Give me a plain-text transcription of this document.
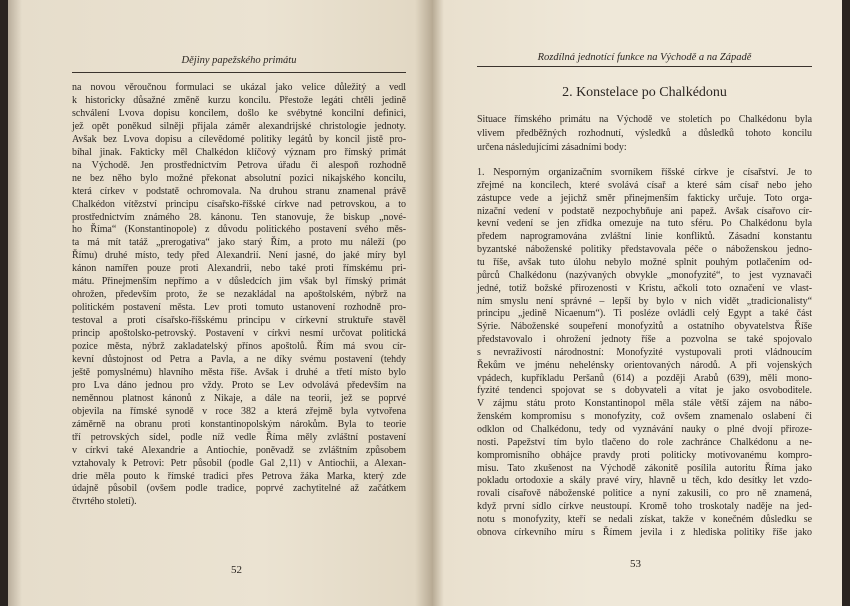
Dějiny papežského primátu
na novou věroučnou formulaci se ukázal jako velice důležitý a vedl
k historicky důsažné změně kurzu koncilu. Přestože legáti chtěli jedině
schválení Lvova dopisu koncilem, došlo ke svébytné koncilní definici,
jež opět poněkud silněji přijala záměr alexandrijské christologie jednoty.
Avšak bez Lvova dopisu a cílevědomé politiky legátů by koncil jistě pro-
bíhal jinak. Fakticky měl Chalkédon klíčový význam pro římský primát
na Východě. Jen prostřednictvím Petrova úřadu či alespoň rozhodně
ne bez něho bylo možné překonat absolutní pozici nikajského koncilu,
která církev v podstatě ochromovala. Na druhou stranu znamenal právě
Chalkédon vítězství principu císařsko-říšské církve nad petrovskou, a to
prostřednictvím známého 28. kánonu. Ten stanovuje, že biskup „nové-
ho Říma“ (Konstantinopole) z důvodu politického postavení svého měs-
ta má mít tatáž „prerogativa“ jako starý Řím, a proto mu náleží (po
Římu) druhé místo, tedy před Alexandrií. Není jasné, do jaké míry byl
kánon namířen pouze proti Alexandrii, nebo také proti římskému pri-
mátu. Přinejmenším nepřímo a v důsledcích jim však byl římský primát
ohrožen, především proto, že se nezakládal na apoštolském, nýbrž na
politickém postavení města. Lev proti tomuto ustanovení rozhodně pro-
testoval a proti císařsko-říšskému principu v církevní struktuře stavěl
princip apoštolsko-petrovský. Postavení v církvi nesmí určovat politická
pozice města, nýbrž zakladatelský přínos apoštolů. Řím má svou cír-
kevní důstojnost od Petra a Pavla, a ne díky svému postavení (tehdy
ještě pomyslnému) hlavního města říše. Avšak i druhé a třetí místo bylo
pro Lva dáno jednou pro vždy. Proto se Lev odvolává především na
neměnnou platnost kánonů z Nikaje, a dále na teorii, jež se poprvé
objevila na římské synodě v roce 382 a která zřejmě byla vytvořena
záměrně na obranu proti konstantinopolským nárokům. Byla to teorie
tří petrovských sídel, podle níž vedle Říma měly zvláštní postavení
v církvi také Alexandrie a Antiochie, poněvadž se zvláštním způsobem
vztahovaly k Petrovi: Petr působil (podle Gal 2,11) v Antiochii, a Alexan-
drie měla pouto k římské tradici přes Petrova žáka Marka, který zde
údajně působil (ovšem podle tradice, poprvé zachytitelné až začátkem
čtvrtého století).
52
Rozdílná jednotící funkce na Východě a na Západě
2. Konstelace po Chalkédonu
Situace římského primátu na Východě ve stoletích po Chalkédonu byla
vlivem předběžných rozhodnutí, výsledků a důsledků tohoto koncilu
určena následujícími zásadními body:
1. Nesporným organizačním svorníkem říšské církve je císařství. Je to
zřejmé na koncilech, které svolává císař a které sám císař nebo jeho
zástupce vede a jejichž směr přinejmenším fakticky určuje. Toto orga-
nizační vedení v podstatě nezpochybňuje ani papež. Avšak císařovo cír-
kevní vedení se jen zřídka omezuje na tuto sféru. Po Chalkédonu byla
předem naprogramována zvláštní linie konfliktů. Zásadní konstantu
byzantské náboženské politiky představovala péče o náboženskou jedno-
tu říše, avšak tuto úlohu nebylo možné splnit pouhým potlačením od-
půrců Chalkédonu (nazývaných obvykle „monofyzité“, to jest vyznavači
jedné, totiž božské přirozenosti v Kristu, ačkoli toto označení ve vlast-
ním smyslu není správné – lepší by bylo v nich vidět „tradicionalisty“
principu „jedině Nicaenum“). Ti posléze ovládli celý Egypt a také část
Sýrie. Náboženské soupeření monofyzitů a ostatního obyvatelstva Říše
představovalo i ohrožení jednoty říše a pozvolna se také spojovalo
s nevraživostí národnostní: Monofyzité vystupovali proti vládnoucím
Řekům ve jménu nehelénsky orientovaných národů. A při vojenských
vpádech, kupříkladu Peršanů (614) a později Arabů (639), měli mono-
fyzité tendenci spojovat se s dobyvateli a vítat je jako osvoboditele.
V zájmu státu proto Konstantinopol měla stále větší zájem na nábo-
ženském kompromisu s monofyzity, což ovšem znamenalo oslabení či
odklon od Chalkédonu, tedy od vyznávání nauky o plné dvojí přiroze-
nosti. Papežství tím bylo tlačeno do role zachránce Chalkédonu a ne-
kompromisního obhájce pravdy proti politicky motivovanému kompro-
misu. Tato zkušenost na Východě zákonitě posílila autoritu Říma jako
pokladu ortodoxie a skály pravé víry, hlavně u těch, kdo desítky let vzdo-
rovali císařově náboženské politice a nyní zakusili, co pro ně znamená,
když první sídlo církve neustoupí. Kromě toho troskotaly naděje na jed-
notu s monofyzity, kteří se nedali získat, takže v konečném důsledku se
obnova církevního míru s Římem jevila i z hlediska politiky říše jako
53
